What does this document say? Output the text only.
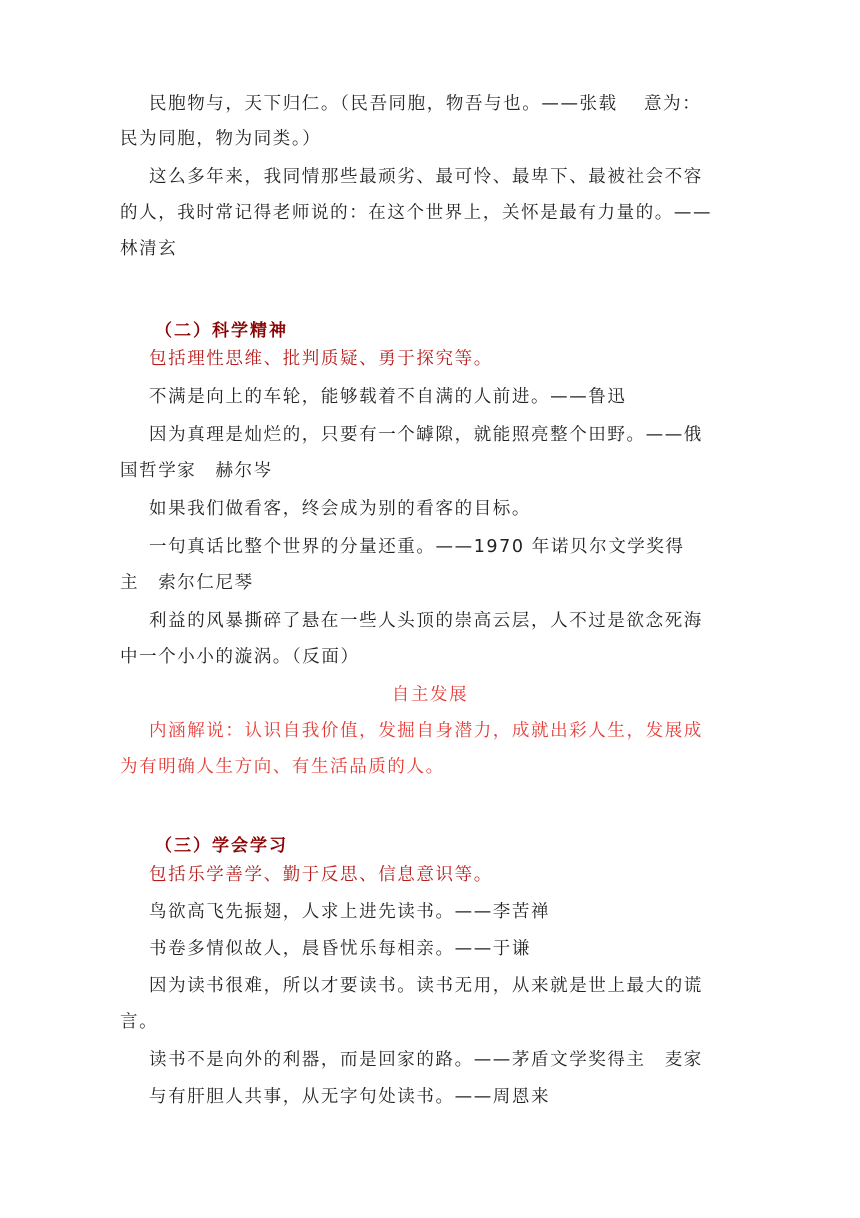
民胞物与，天下归仁。（民吾同胞，物吾与也。——张载　 意为：
民为同胞，物为同类。）
这么多年来，我同情那些最顽劣、最可怜、最卑下、最被社会不容
的人，我时常记得老师说的：在这个世界上，关怀是最有力量的。——
林清玄
（二）科学精神
包括理性思维、批判质疑、勇于探究等。
不满是向上的车轮，能够载着不自满的人前进。——鲁迅
因为真理是灿烂的，只要有一个罅隙，就能照亮整个田野。——俄
国哲学家　赫尔岑
如果我们做看客，终会成为别的看客的目标。
一句真话比整个世界的分量还重。——1970 年诺贝尔文学奖得
主　索尔仁尼琴
利益的风暴撕碎了悬在一些人头顶的崇高云层，人不过是欲念死海
中一个小小的漩涡。（反面）
自主发展
内涵解说：认识自我价值，发掘自身潜力，成就出彩人生，发展成
为有明确人生方向、有生活品质的人。
（三）学会学习
包括乐学善学、勤于反思、信息意识等。
鸟欲高飞先振翅，人求上进先读书。——李苦禅
书卷多情似故人，晨昏忧乐每相亲。——于谦
因为读书很难，所以才要读书。读书无用，从来就是世上最大的谎
言。
读书不是向外的利器，而是回家的路。——茅盾文学奖得主　麦家
与有肝胆人共事，从无字句处读书。——周恩来
